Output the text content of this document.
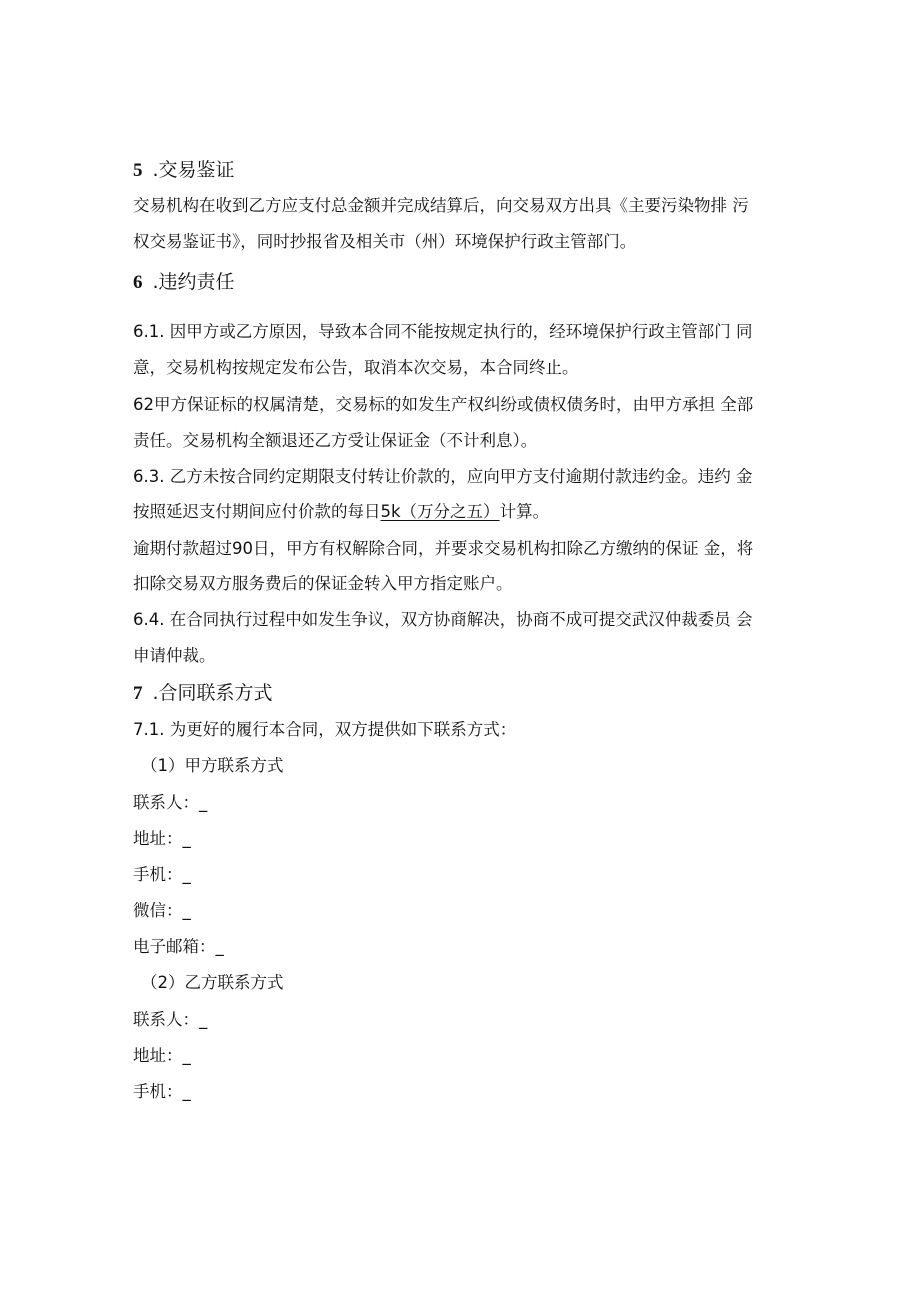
5 .交易鉴证
交易机构在收到乙方应支付总金额并完成结算后，向交易双方出具《主要污染物排 污
权交易鉴证书》，同时抄报省及相关市（州）环境保护行政主管部门。
6 .违约责任
6.1. 因甲方或乙方原因，导致本合同不能按规定执行的，经环境保护行政主管部门 同
意，交易机构按规定发布公告，取消本次交易，本合同终止。
62甲方保证标的权属清楚，交易标的如发生产权纠纷或债权债务时，由甲方承担 全部
责任。交易机构全额退还乙方受让保证金（不计利息）。
6.3. 乙方未按合同约定期限支付转让价款的，应向甲方支付逾期付款违约金。违约 金
按照延迟支付期间应付价款的每日5k（万分之五）计算。
逾期付款超过90日，甲方有权解除合同，并要求交易机构扣除乙方缴纳的保证 金，将
扣除交易双方服务费后的保证金转入甲方指定账户。
6.4. 在合同执行过程中如发生争议，双方协商解决，协商不成可提交武汉仲裁委员 会
申请仲裁。
7 .合同联系方式
7.1. 为更好的履行本合同，双方提供如下联系方式：
（1）甲方联系方式
联系人：_
地址：_
手机：_
微信：_
电子邮箱：_
（2）乙方联系方式
联系人：_
地址：_
手机：_
